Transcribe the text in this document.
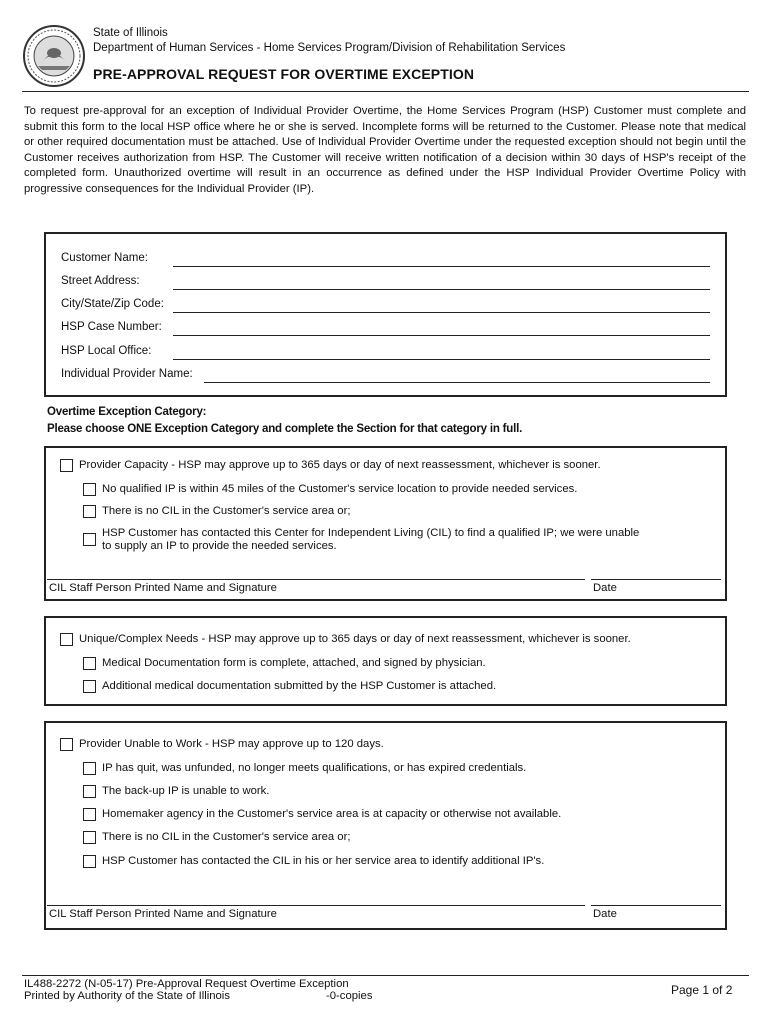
State of Illinois
Department of Human Services - Home Services Program/Division of Rehabilitation Services
PRE-APPROVAL REQUEST FOR OVERTIME EXCEPTION
To request pre-approval for an exception of Individual Provider Overtime, the Home Services Program (HSP) Customer must complete and submit this form to the local HSP office where he or she is served. Incomplete forms will be returned to the Customer. Please note that medical or other required documentation must be attached. Use of Individual Provider Overtime under the requested exception should not begin until the Customer receives authorization from HSP. The Customer will receive written notification of a decision within 30 days of HSP's receipt of the completed form. Unauthorized overtime will result in an occurrence as defined under the HSP Individual Provider Overtime Policy with progressive consequences for the Individual Provider (IP).
Customer Name:
Street Address:
City/State/Zip Code:
HSP Case Number:
HSP Local Office:
Individual Provider Name:
Overtime Exception Category:
Please choose ONE Exception Category and complete the Section for that category in full.
Provider Capacity - HSP may approve up to 365 days or day of next reassessment, whichever is sooner.
No qualified IP is within 45 miles of the Customer's service location to provide needed services.
There is no CIL in the Customer's service area or;
HSP Customer has contacted this Center for Independent Living (CIL) to find a qualified IP; we were unable
to supply an IP to provide the needed services.
CIL Staff Person Printed Name and Signature	Date
Unique/Complex Needs - HSP may approve up to 365 days or day of next reassessment, whichever is sooner.
Medical Documentation form is complete, attached, and signed by physician.
Additional medical documentation submitted by the HSP Customer is attached.
Provider Unable to Work - HSP may approve up to 120 days.
IP has quit, was unfunded, no longer meets qualifications, or has expired credentials.
The back-up IP is unable to work.
Homemaker agency in the Customer's service area is at capacity or otherwise not available.
There is no CIL in the Customer's service area or;
HSP Customer has contacted the CIL in his or her service area to identify additional IP's.
CIL Staff Person Printed Name and Signature	Date
IL488-2272 (N-05-17) Pre-Approval Request Overtime Exception
Printed by Authority of the State of Illinois	-0-copies	Page 1 of 2
